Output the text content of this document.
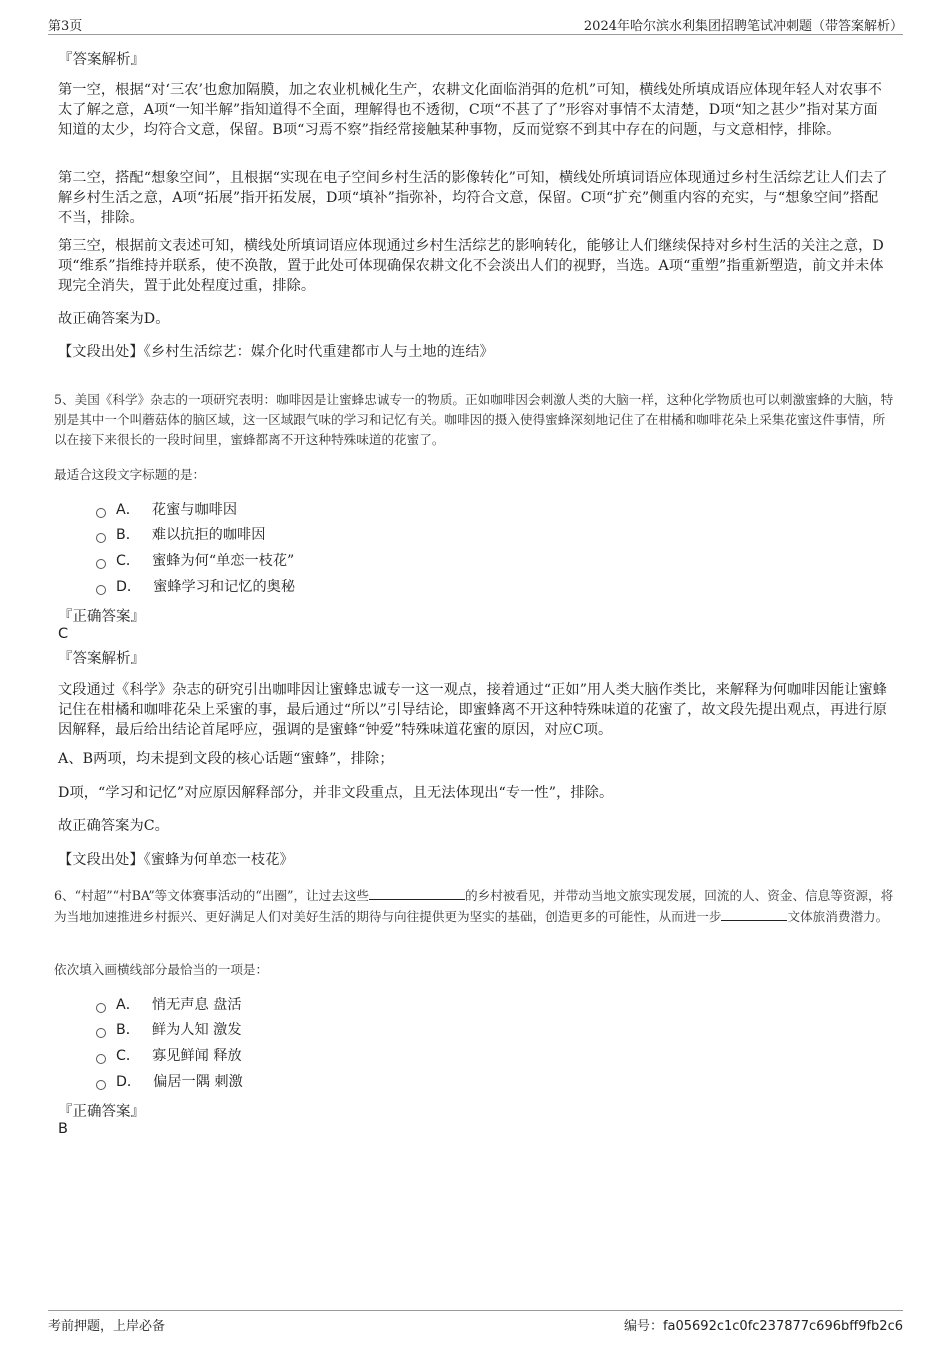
第3页	2024年哈尔滨水利集团招聘笔试冲刺题（带答案解析）
『答案解析』

第一空，根据“对‘三农’也愈加隔膜，加之农业机械化生产，农耕文化面临消弭的危机”可知，横线处所填成语应体现年轻人对农事不太了解之意，A项“一知半解”指知道得不全面，理解得也不透彻，C项“不甚了了”形容对事情不太清楚，D项“知之甚少”指对某方面知道的太少，均符合文意，保留。B项“习焉不察”指经常接触某种事物，反而觉察不到其中存在的问题，与文意相悖，排除。

第二空，搭配“想象空间”，且根据“实现在电子空间乡村生活的影像转化”可知，横线处所填词语应体现通过乡村生活综艺让人们去了解乡村生活之意，A项“拓展”指开拓发展，D项“填补”指弥补，均符合文意，保留。C项“扩充”侧重内容的充实，与“想象空间”搭配不当，排除。

第三空，根据前文表述可知，横线处所填词语应体现通过乡村生活综艺的影响转化，能够让人们继续保持对乡村生活的关注之意，D项“维系”指维持并联系，使不涣散，置于此处可体现确保农耕文化不会淡出人们的视野，当选。A项“重塑”指重新塑造，前文并未体现完全消失，置于此处程度过重，排除。

故正确答案为D。

【文段出处】《乡村生活综艺：媒介化时代重建都市人与土地的连结》

5、美国《科学》杂志的一项研究表明：咖啡因是让蜜蜂忠诚专一的物质。正如咖啡因会刺激人类的大脑一样，这种化学物质也可以刺激蜜蜂的大脑，特别是其中一个叫蘑菇体的脑区域，这一区域跟气味的学习和记忆有关。咖啡因的摄入使得蜜蜂深刻地记住了在柑橘和咖啡花朵上采集花蜜这件事情，所以在接下来很长的一段时间里，蜜蜂都离不开这种特殊味道的花蜜了。

最适合这段文字标题的是：

A． 花蜜与咖啡因
B． 难以抗拒的咖啡因
C． 蜜蜂为何“单恋一枝花”
D． 蜜蜂学习和记忆的奥秘
『正确答案』
C
『答案解析』

文段通过《科学》杂志的研究引出咖啡因让蜜蜂忠诚专一这一观点，接着通过“正如”用人类大脑作类比，来解释为何咖啡因能让蜜蜂记住在柑橘和咖啡花朵上采蜜的事，最后通过“所以”引导结论，即蜜蜂离不开这种特殊味道的花蜜了，故文段先提出观点，再进行原因解释，最后给出结论首尾呼应，强调的是蜜蜂“钟爱”特殊味道花蜜的原因，对应C项。

A、B两项，均未提到文段的核心话题“蜜蜂”，排除；

D项，“学习和记忆”对应原因解释部分，并非文段重点，且无法体现出“专一性”，排除。

故正确答案为C。

【文段出处】《蜜蜂为何单恋一枝花》

6、“村超”“村BA”等文体赛事活动的“出圈”，让过去这些	的乡村被看见，并带动当地文旅实现发展，回流的人、资金、信息等资源，将为当地加速推进乡村振兴、更好满足人们对美好生活的期待与向往提供更为坚实的基础，创造更多的可能性，从而进一步	文体旅消费潜力。

依次填入画横线部分最恰当的一项是：

A． 悄无声息 盘活
B． 鲜为人知 激发
C． 寡见鲜闻 释放
D． 偏居一隅 刺激
『正确答案』
B
考前押题，上岸必备	编号：fa05692c1c0fc237877c696bff9fb2c6
